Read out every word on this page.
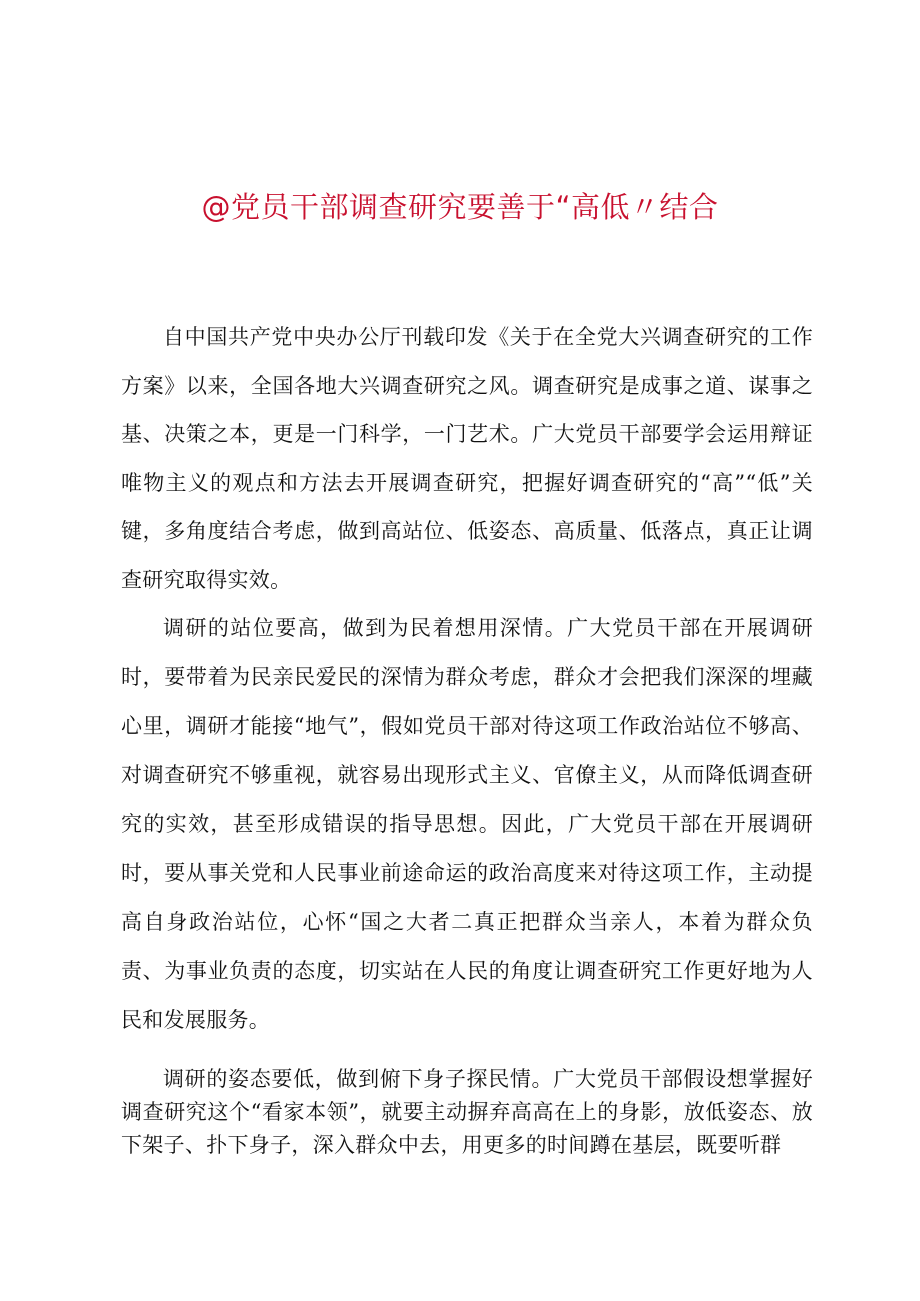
@党员干部调查研究要善于“高低〃结合

自中国共产党中央办公厅刊载印发《关于在全党大兴调查研究的工作方案》以来，全国各地大兴调查研究之风。调查研究是成事之道、谋事之基、决策之本，更是一门科学，一门艺术。广大党员干部要学会运用辩证唯物主义的观点和方法去开展调查研究，把握好调查研究的“高”“低”关键，多角度结合考虑，做到高站位、低姿态、高质量、低落点，真正让调查研究取得实效。

调研的站位要高，做到为民着想用深情。广大党员干部在开展调研时，要带着为民亲民爱民的深情为群众考虑，群众才会把我们深深的埋藏心里，调研才能接“地气”，假如党员干部对待这项工作政治站位不够高、对调查研究不够重视，就容易出现形式主义、官僚主义，从而降低调查研究的实效，甚至形成错误的指导思想。因此，广大党员干部在开展调研时，要从事关党和人民事业前途命运的政治高度来对待这项工作，主动提高自身政治站位，心怀“国之大者二真正把群众当亲人，本着为群众负责、为事业负责的态度，切实站在人民的角度让调查研究工作更好地为人民和发展服务。

调研的姿态要低，做到俯下身子探民情。广大党员干部假设想掌握好调查研究这个“看家本领”，就要主动摒弃高高在上的身影，放低姿态、放下架子、扑下身子，深入群众中去，用更多的时间蹲在基层，既要听群
